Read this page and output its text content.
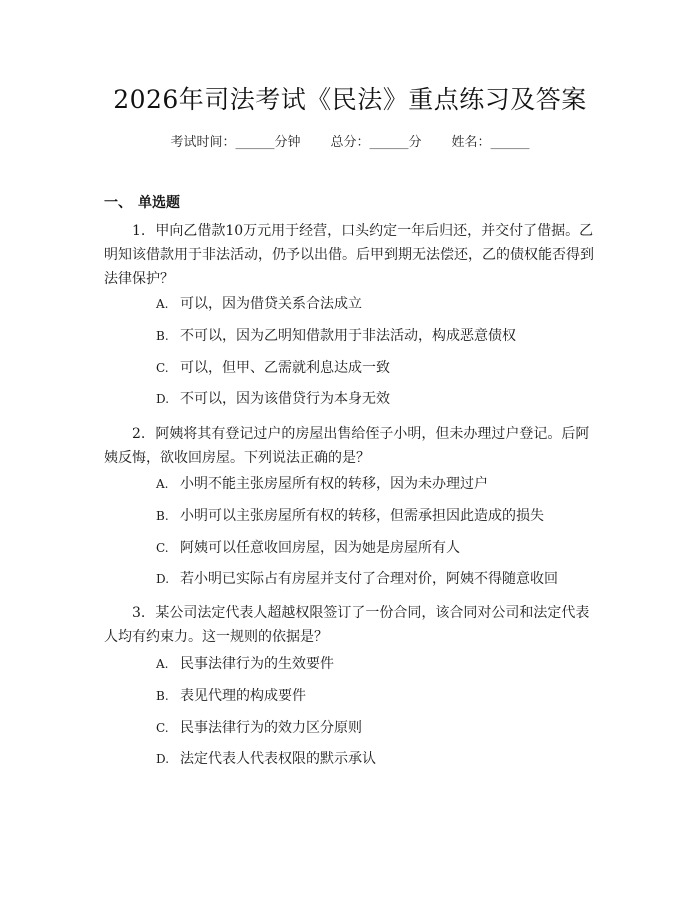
2026年司法考试《民法》重点练习及答案
考试时间：______分钟 总分：______分 姓名：______
一、 单选题
1. 甲向乙借款10万元用于经营，口头约定一年后归还，并交付了借据。乙明知该借款用于非法活动，仍予以出借。后甲到期无法偿还，乙的债权能否得到法律保护？
A. 可以，因为借贷关系合法成立
B. 不可以，因为乙明知借款用于非法活动，构成恶意债权
C. 可以，但甲、乙需就利息达成一致
D. 不可以，因为该借贷行为本身无效
2. 阿姨将其有登记过户的房屋出售给侄子小明，但未办理过户登记。后阿姨反悔，欲收回房屋。下列说法正确的是？
A. 小明不能主张房屋所有权的转移，因为未办理过户
B. 小明可以主张房屋所有权的转移，但需承担因此造成的损失
C. 阿姨可以任意收回房屋，因为她是房屋所有人
D. 若小明已实际占有房屋并支付了合理对价，阿姨不得随意收回
3. 某公司法定代表人超越权限签订了一份合同，该合同对公司和法定代表人均有约束力。这一规则的依据是？
A. 民事法律行为的生效要件
B. 表见代理的构成要件
C. 民事法律行为的效力区分原则
D. 法定代表人代表权限的默示承认
